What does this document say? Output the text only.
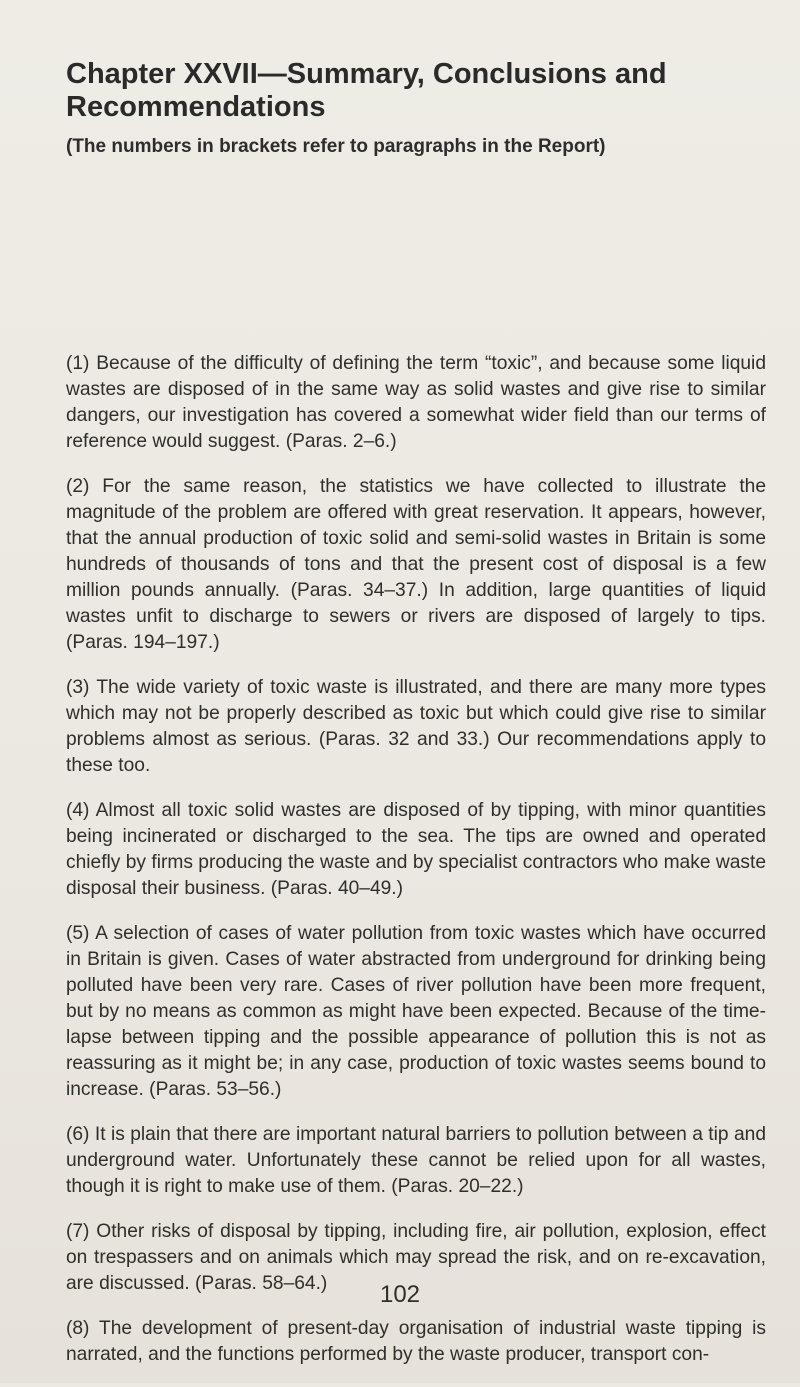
Chapter XXVII—Summary, Conclusions and Recommendations
(The numbers in brackets refer to paragraphs in the Report)

(1) Because of the difficulty of defining the term “toxic”, and because some liquid wastes are disposed of in the same way as solid wastes and give rise to similar dangers, our investigation has covered a somewhat wider field than our terms of reference would suggest. (Paras. 2–6.)

(2) For the same reason, the statistics we have collected to illustrate the magnitude of the problem are offered with great reservation. It appears, however, that the annual production of toxic solid and semi-solid wastes in Britain is some hundreds of thousands of tons and that the present cost of disposal is a few million pounds annually. (Paras. 34–37.) In addition, large quantities of liquid wastes unfit to discharge to sewers or rivers are disposed of largely to tips. (Paras. 194–197.)

(3) The wide variety of toxic waste is illustrated, and there are many more types which may not be properly described as toxic but which could give rise to similar problems almost as serious. (Paras. 32 and 33.) Our recommendations apply to these too.

(4) Almost all toxic solid wastes are disposed of by tipping, with minor quantities being incinerated or discharged to the sea. The tips are owned and operated chiefly by firms producing the waste and by specialist contractors who make waste disposal their business. (Paras. 40–49.)

(5) A selection of cases of water pollution from toxic wastes which have occurred in Britain is given. Cases of water abstracted from underground for drinking being polluted have been very rare. Cases of river pollution have been more frequent, but by no means as common as might have been expected. Because of the time-lapse between tipping and the possible appearance of pollution this is not as reassuring as it might be; in any case, production of toxic wastes seems bound to increase. (Paras. 53–56.)

(6) It is plain that there are important natural barriers to pollution between a tip and underground water. Unfortunately these cannot be relied upon for all wastes, though it is right to make use of them. (Paras. 20–22.)

(7) Other risks of disposal by tipping, including fire, air pollution, explosion, effect on trespassers and on animals which may spread the risk, and on re-excavation, are discussed. (Paras. 58–64.)

(8) The development of present-day organisation of industrial waste tipping is narrated, and the functions performed by the waste producer, transport con-

102
